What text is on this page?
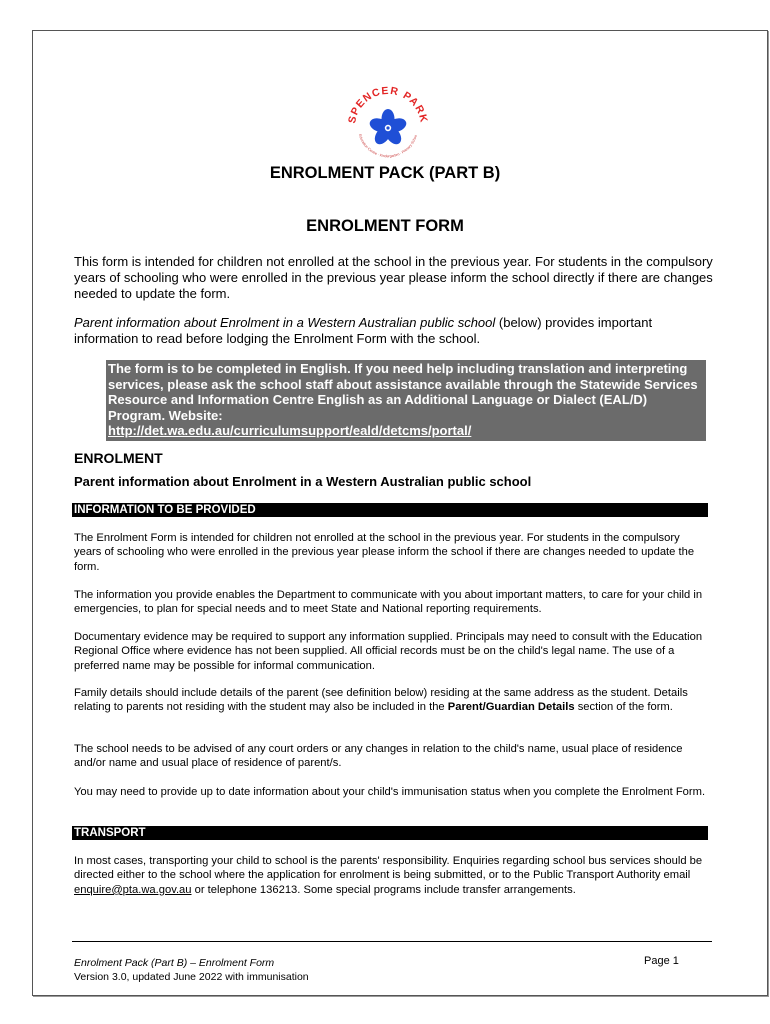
SPENCER PARK
Education Centre · Kindergarten · Primary Schoo
ENROLMENT PACK (PART B)
ENROLMENT FORM

This form is intended for children not enrolled at the school in the previous year. For students in the compulsory years of schooling who were enrolled in the previous year please inform the school directly if there are changes needed to update the form.

Parent information about Enrolment in a Western Australian public school (below) provides important information to read before lodging the Enrolment Form with the school.

The form is to be completed in English. If you need help including translation and interpreting services, please ask the school staff about assistance available through the Statewide Services Resource and Information Centre English as an Additional Language or Dialect (EAL/D) Program. Website:
http://det.wa.edu.au/curriculumsupport/eald/detcms/portal/
ENROLMENT
Parent information about Enrolment in a Western Australian public school
INFORMATION TO BE PROVIDED

The Enrolment Form is intended for children not enrolled at the school in the previous year. For students in the compulsory years of schooling who were enrolled in the previous year please inform the school if there are changes needed to update the form.

The information you provide enables the Department to communicate with you about important matters, to care for your child in emergencies, to plan for special needs and to meet State and National reporting requirements.

Documentary evidence may be required to support any information supplied. Principals may need to consult with the Education Regional Office where evidence has not been supplied. All official records must be on the child's legal name. The use of a preferred name may be possible for informal communication.

Family details should include details of the parent (see definition below) residing at the same address as the student. Details relating to parents not residing with the student may also be included in the Parent/Guardian Details section of the form.

The school needs to be advised of any court orders or any changes in relation to the child's name, usual place of residence and/or name and usual place of residence of parent/s.

You may need to provide up to date information about your child's immunisation status when you complete the Enrolment Form.

TRANSPORT

In most cases, transporting your child to school is the parents' responsibility. Enquiries regarding school bus services should be directed either to the school where the application for enrolment is being submitted, or to the Public Transport Authority email enquire@pta.wa.gov.au or telephone 136213. Some special programs include transfer arrangements.

Enrolment Pack (Part B) – Enrolment Form
Version 3.0, updated June 2022 with immunisation
Page 1
